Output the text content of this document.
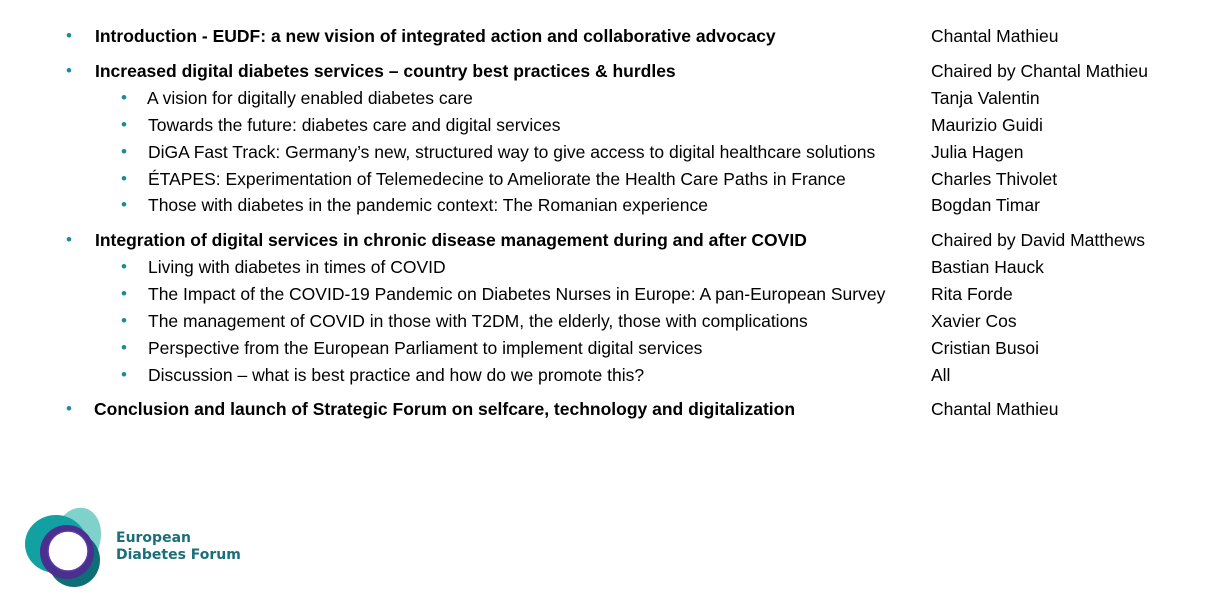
• Introduction - EUDF: a new vision of integrated action and collaborative advocacy	Chantal Mathieu
• Increased digital diabetes services – country best practices & hurdles	Chaired by Chantal Mathieu
• A vision for digitally enabled diabetes care	Tanja Valentin
• Towards the future: diabetes care and digital services	Maurizio Guidi
• DiGA Fast Track: Germany’s new, structured way to give access to digital healthcare solutions	Julia Hagen
• ÉTAPES: Experimentation of Telemedecine to Ameliorate the Health Care Paths in France	Charles Thivolet
• Those with diabetes in the pandemic context: The Romanian experience	Bogdan Timar
• Integration of digital services in chronic disease management during and after COVID	Chaired by David Matthews
• Living with diabetes in times of COVID	Bastian Hauck
• The Impact of the COVID-19 Pandemic on Diabetes Nurses in Europe: A pan-European Survey	Rita Forde
• The management of COVID in those with T2DM, the elderly, those with complications	Xavier Cos
• Perspective from the European Parliament to implement digital services	Cristian Busoi
• Discussion – what is best practice and how do we promote this?	All
• Conclusion and launch of Strategic Forum on selfcare, technology and digitalization	Chantal Mathieu
European
Diabetes Forum
